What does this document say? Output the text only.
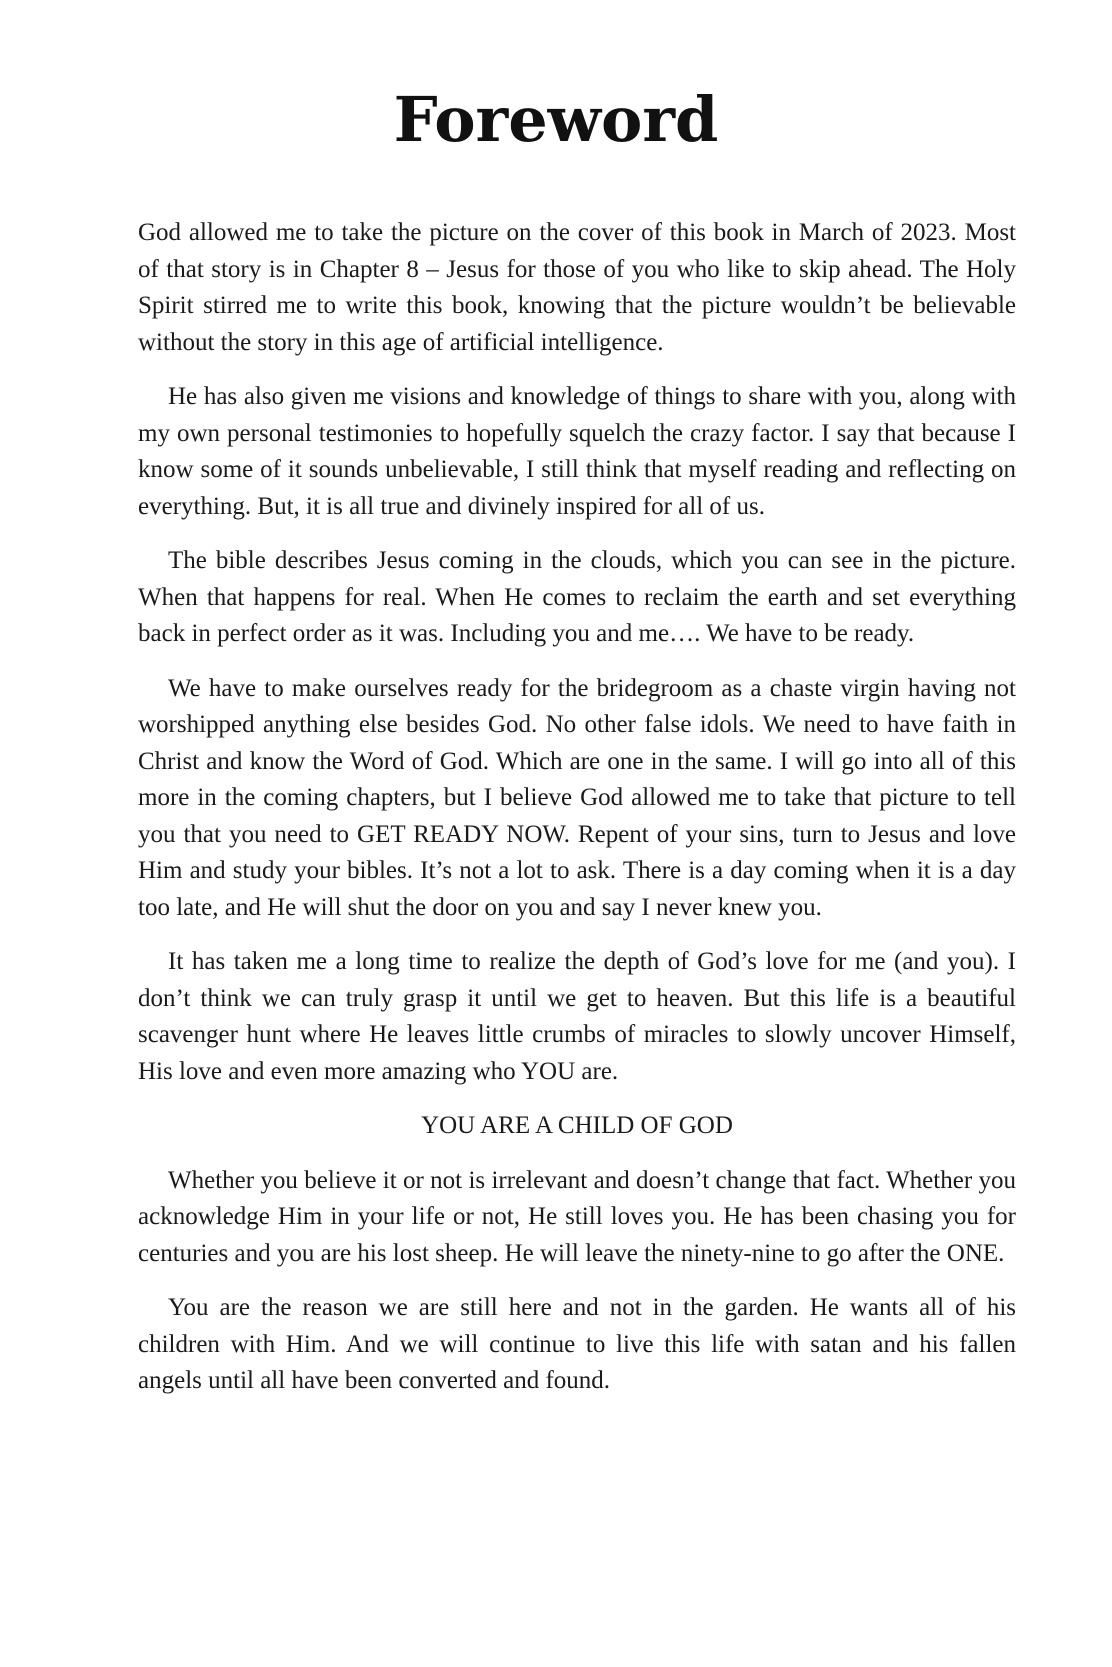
Foreword

God allowed me to take the picture on the cover of this book in March of 2023. Most of that story is in Chapter 8 – Jesus for those of you who like to skip ahead. The Holy Spirit stirred me to write this book, knowing that the picture wouldn’t be believable without the story in this age of artificial intelligence.

He has also given me visions and knowledge of things to share with you, along with my own personal testimonies to hopefully squelch the crazy factor. I say that because I know some of it sounds unbelievable, I still think that myself reading and reflecting on everything. But, it is all true and divinely inspired for all of us.

The bible describes Jesus coming in the clouds, which you can see in the picture. When that happens for real. When He comes to reclaim the earth and set everything back in perfect order as it was. Including you and me…. We have to be ready.

We have to make ourselves ready for the bridegroom as a chaste virgin having not worshipped anything else besides God. No other false idols. We need to have faith in Christ and know the Word of God. Which are one in the same. I will go into all of this more in the coming chapters, but I believe God allowed me to take that picture to tell you that you need to GET READY NOW. Repent of your sins, turn to Jesus and love Him and study your bibles. It’s not a lot to ask. There is a day coming when it is a day too late, and He will shut the door on you and say I never knew you.

It has taken me a long time to realize the depth of God’s love for me (and you). I don’t think we can truly grasp it until we get to heaven. But this life is a beautiful scavenger hunt where He leaves little crumbs of miracles to slowly uncover Himself, His love and even more amazing who YOU are.

YOU ARE A CHILD OF GOD

Whether you believe it or not is irrelevant and doesn’t change that fact. Whether you acknowledge Him in your life or not, He still loves you. He has been chasing you for centuries and you are his lost sheep. He will leave the ninety-nine to go after the ONE.

You are the reason we are still here and not in the garden. He wants all of his children with Him. And we will continue to live this life with satan and his fallen angels until all have been converted and found.
